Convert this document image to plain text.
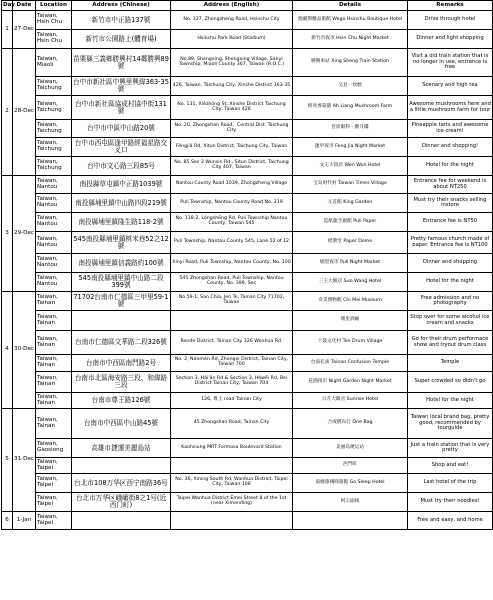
Day	Date	Location	Address (Chinese)	Address (English)	Details	Remarks
1	27-Dec	Taiwan, Hsin Chu	新竹市中正路137號	No. 137, Zhongzheng Road, Hsinchu City	德爾斯精品旅館 Wego Hsinchu Boutique Hotel	Drive through hotel
		Taiwan, Hsin Chu	新竹市公園路上(體育場)	Hsinchu Park Road (Stadium)	新竹市夜市 Hsin Chu Night Market	Dinner and light shopping
2	28-Dec	Taiwan, Miaoli	苗栗縣三義鄉勝興村14鄰勝興89號	No.89, Shengxing, Shengxing Village, Sanyi Township, Miaoli County 367, Taiwan (R.O.C.)	勝興車站 Xing Sheng Train Station	Visit a old train station that is no longer in use, entrance is free
		Taiwan, Taichung	台中市新社區中興里興緯363-35號	426, Taiwan, Taichung City, Xinshe District 363-35	又見一炊煙	Scenary and high tea
		Taiwan, Taichung	台中市新社區協成村協中街131號	No. 131, Xiézhōng St, Xinshe District Taichung City, Taiwan 426	阿亮香菇園 Ah Liang Mushroom Farm	Awesome mushrooms here and a little mushroom farm for tour
		Taiwan, Taichung	台中市中區中山路20號	No. 20, Zhongshan Road，Central Dist. Taichung City	宮原眼科 - 醉月樓	Pineapple tarts and awesome ice cream!
		Taiwan, Taichung	台中市西屯區逢甲路經福星路交叉口	Féngjiǎ Rd, Xitun District, Taichung City, Taiwan	逢甲夜市 Feng Jia Night Market	Dinner and shopping!
		Taiwan, Taichung	台中市文心路三段85号	No. 85 Sec 3 Wunsin Rd , Situn District, Taichung City 407, Taiwan	文王大饭店 Wen Won Hotel	Hotel for the night
3	29-Dec	Taiwan, Nantou	南投縣草屯鎮中正路1039號	Nantou County Road 1039, Zhongzheng Village	宝岛时代村 Taiwan Times Village	Entrance fee for weekend is about NT250
		Taiwan, Nantou	南投縣埔里鎮中山路四段219號	Puli Township, Nantou County Road No. 219	元首館 King Garden	Must try their snacks selling instore
		Taiwan, Nantou	南投縣埔里鎮隆生路118-2號	No. 118-2, Lóngshēng Rd, Puli Township Nantou County, Taiwan 545	造紙龍手創館 Puli Paper	Entrance fee is NT50
		Taiwan, Nantou	545南投縣埔里鎮桃米巷52之12號	Puli Township, Nantou County 545, Lane 52 of 12	紙教堂 Paper Dome	Pretty famous church made of paper. Entrance fee is NT100
		Taiwan, Nantou	南投縣埔里鎮信義路約100號	Xinyi Road, Puli Township, Nantou County, No. 100	埔里夜市 Puli Night Market	Dinner and shopping
		Taiwan, Nantou	545南投縣埔里鎮中山路二段399號	545 Zhongshan Road, Puli Township, Nantou County, No. 399, Sec	三王大飯店 Sun Wang Hotel	Hotel for the night
4	30-Dec	Taiwan, Tainan	71702台南市仁德區三甲里59-1號	No.59-1, San Chia, Jen Te, Tainan City 71702, Taiwan	奇美博物館 Chi Mei Museum	Free admission and no photography
		Taiwan, Tainan			埔里酒廠	Stop over for some alcohol ice cream and snacks
		Taiwan, Tainan	台南市仁德區文華路二段326號	Rende District, Tainan City 326 Wenhua Rd.	十鼓文化村 Ten Drum Village	Go for their drum performace show and tryout drum class
		Taiwan, Tainan	台南市中西區南門路2号	No. 2, Nánmén Rd, Zhongxi District, Tainan City, Taiwan 700	台南孔庙 Tainan Confusion Temple	Temple
		Taiwan, Tainan	台南市北區海安路三段、和緯路三段	Section 3, Hǎi'ān Rd & Section 3, Héwěi Rd, Bei District Tainan City, Taiwan 704	花園夜市 Night Garden Night Market	Super crowded so didn't go
		Taiwan, Tainan	台南市尊王路126號	126, 尊王 road Tainan City	日升大飯店 Sunrise Hotel	Hotel for the night
5	31-Dec	Taiwan, Tainan	台南市中西區中山路45號	45 Zhongshan Road, Tainan City	合成帆布行 One Bag	Taiwan local brand bag, pretty good, recommended by tourguide
		Taiwan, Gaosiong	高雄市捷運美麗島站	Kaohsiung MRT Formosa Boulevard Station	美丽岛捷运站	Just a train station that is very pretty
		Taiwan, Taipei			西門町	Shop and eat!
		Taiwan, Taipei	台北市108万华区西宁南路36号	No. 36, Xining South Rd, Wanhua District, Taipei City, Taiwan 108	南綠旅棧商旅館 Go Sleep Hotel	Last hotel of the trip
		Taiwan, Taipei	台北市万华区峨嵋街8之1号(近西门町)	Taipei Wanhua District Emei Street 8 of the 1st (near Ximending)	阿宗面线	Must try their noodles!
6	1-Jan	Taiwan, Taipei				Free and easy, and home
